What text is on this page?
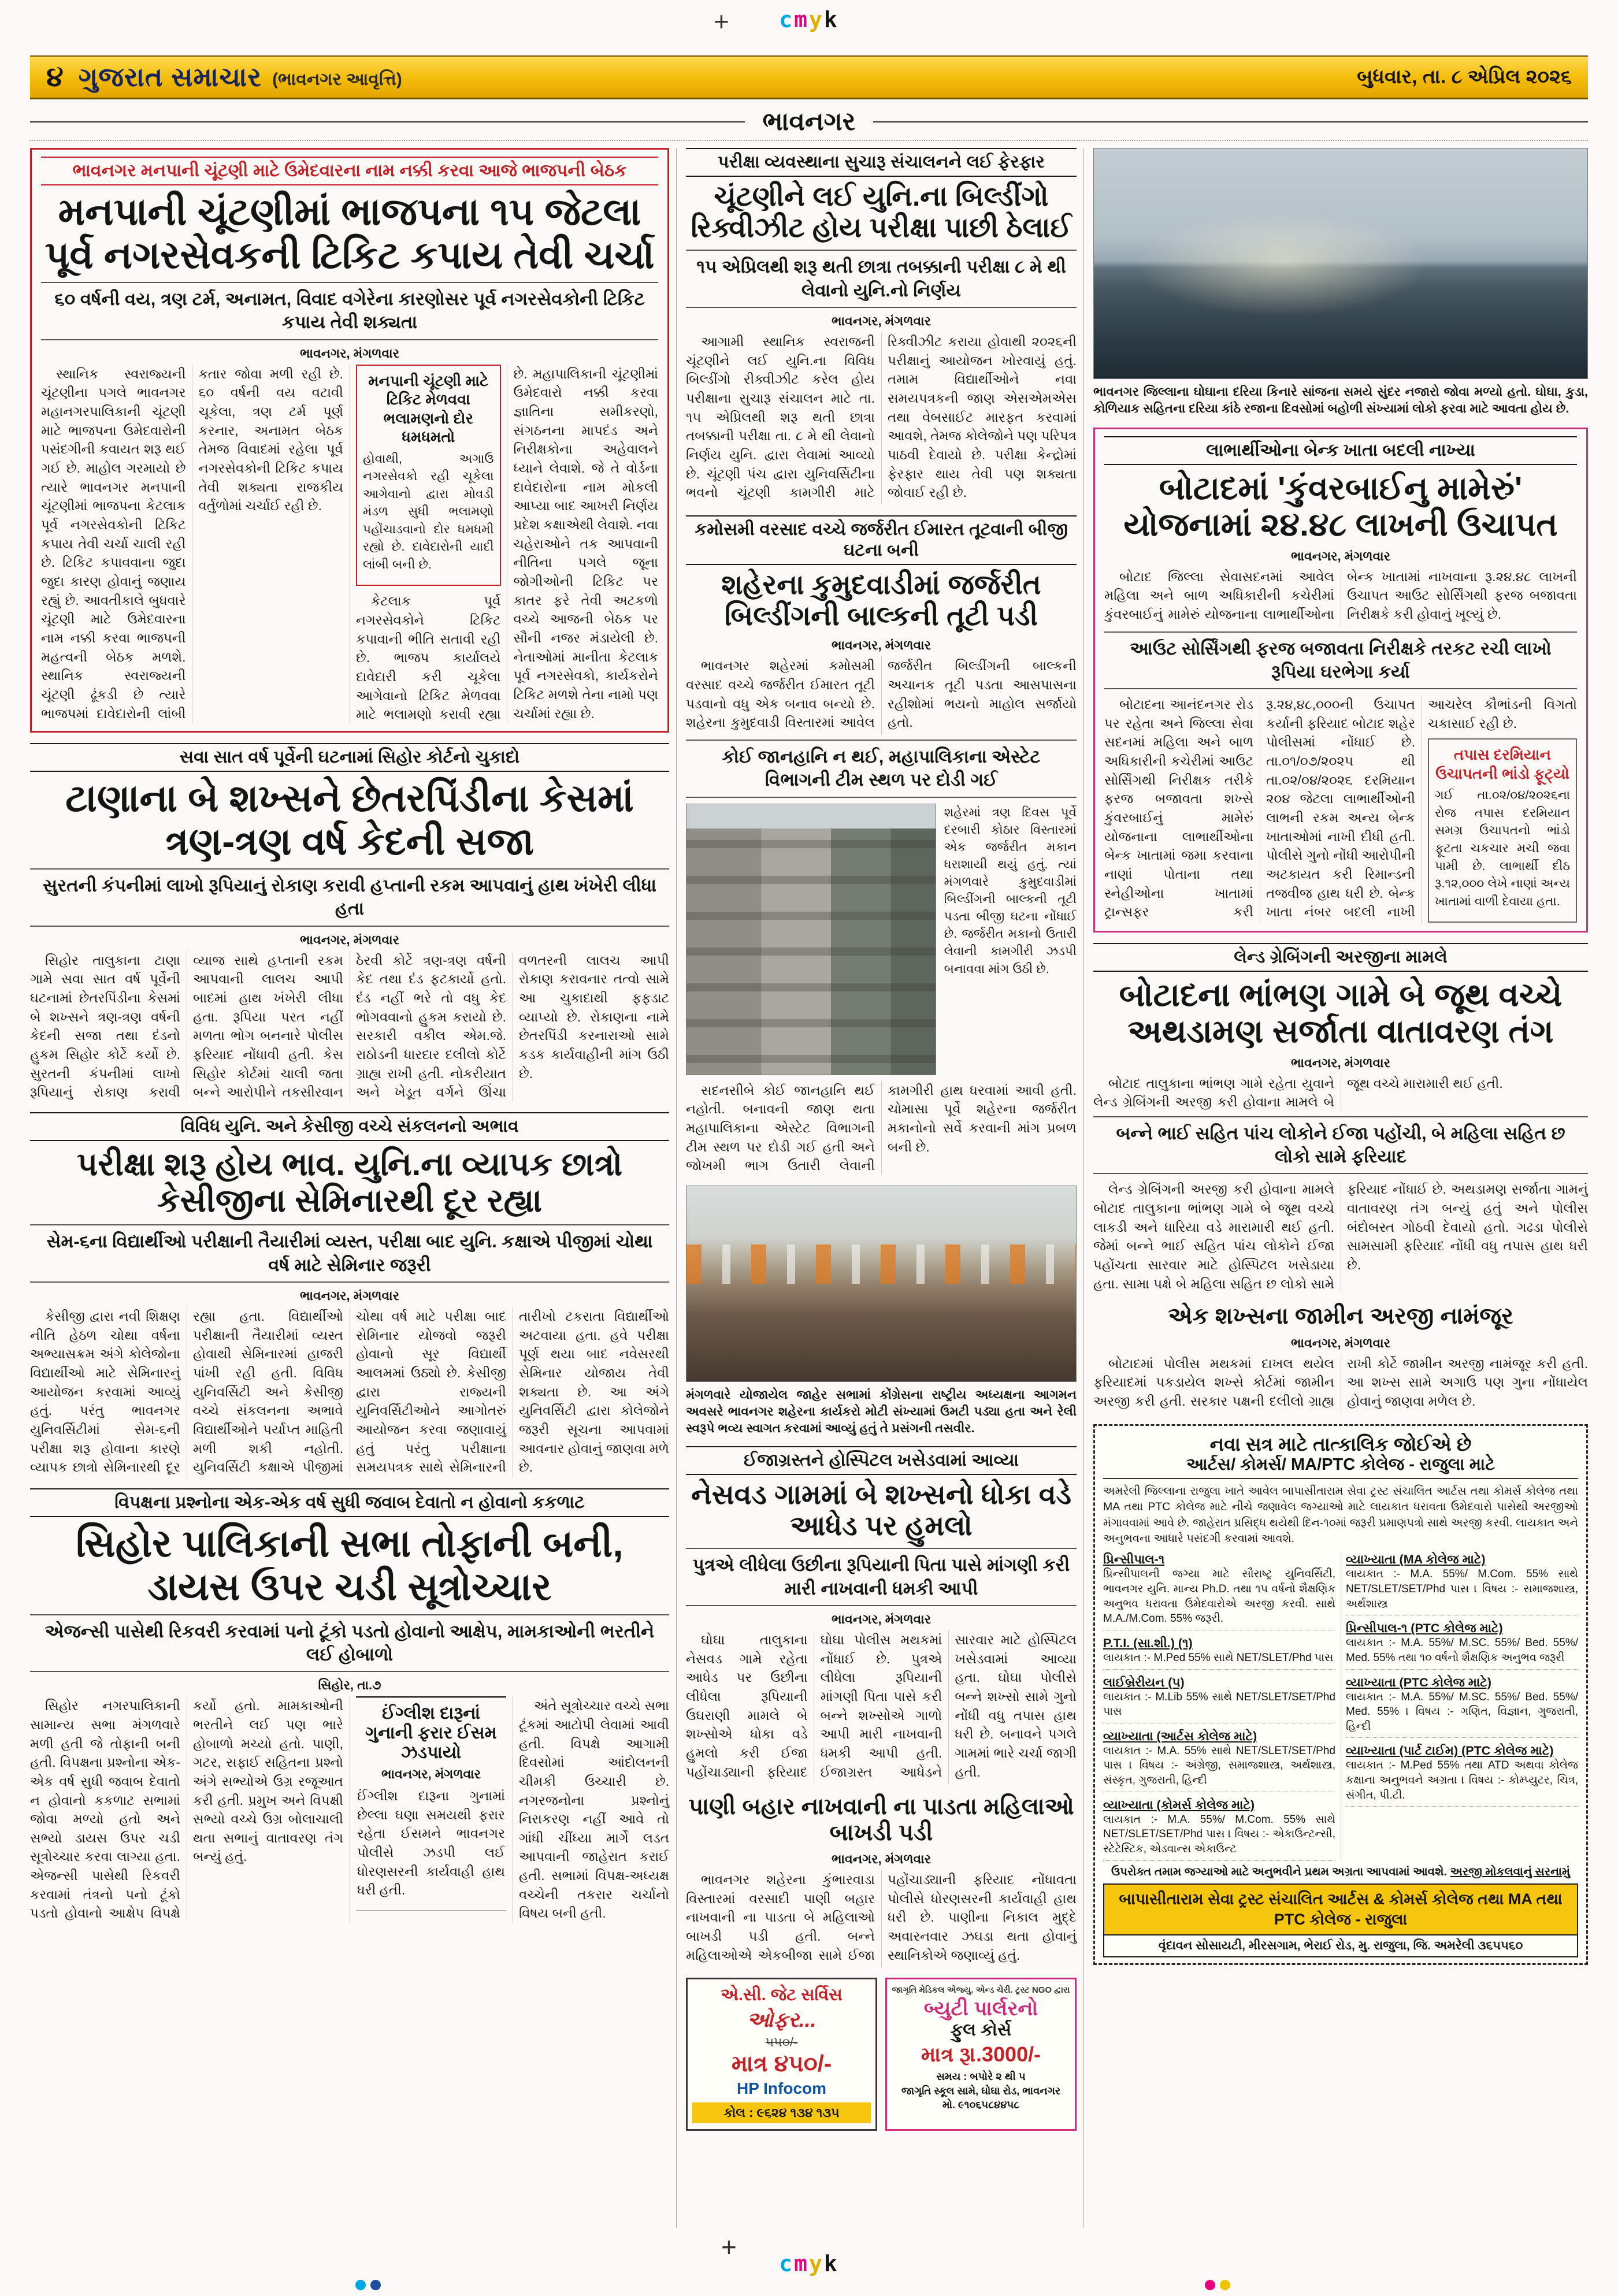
+	cmyk
૪ ગુજરાત સમાચાર (ભાવનગર આવૃત્તિ)	બુધવાર, તા. ૮ એપ્રિલ ૨૦૨૬
ભાવનગર
ભાવનગર મનપાની ચૂંટણી માટે ઉમેદવારના નામ નક્કી કરવા આજે ભાજપની બેઠક
મનપાની ચૂંટણીમાં ભાજપના ૧૫ જેટલા પૂર્વ નગરસેવકની ટિકિટ કપાય તેવી ચર્ચા
૬૦ વર્ષની વય, ત્રણ ટર્મ, અનામત, વિવાદ વગેરેના કારણોસર પૂર્વ નગરસેવકોની ટિકિટ કપાય તેવી શક્યતા
ભાવનગર, મંગળવાર

સ્થાનિક સ્વરાજ્યની ચૂંટણીના પગલે ભાવનગર મહાનગરપાલિકાની ચૂંટણી માટે ભાજપના ઉમેદવારોની પસંદગીની કવાયત શરૂ થઈ ગઈ છે. માહોલ ગરમાયો છે ત્યારે ભાવનગર મનપાની ચૂંટણીમાં ભાજપના કેટલાક પૂર્વ નગરસેવકોની ટિકિટ કપાય તેવી ચર્ચા ચાલી રહી છે. ટિકિટ કપાવવાના જુદા જુદા કારણ હોવાનું જણાય રહ્યું છે. આવતીકાલે બુધવારે ચૂંટણી માટે ઉમેદવારના નામ નક્કી કરવા ભાજપની મહત્વની બેઠક મળશે. સ્થાનિક સ્વરાજ્યની ચૂંટણી ઢૂંકડી છે ત્યારે ભાજપમાં દાવેદારોની લાંબી કતાર જોવા મળી રહી છે. ૬૦ વર્ષની વય વટાવી ચૂકેલા, ત્રણ ટર્મ પૂર્ણ કરનાર, અનામત બેઠક તેમજ વિવાદમાં રહેલા પૂર્વ નગરસેવકોની ટિકિટ કપાય તેવી શક્યતા રાજકીય વર્તુળોમાં ચર્ચાઈ રહી છે.

મનપાની ચૂંટણી માટે ટિકિટ મેળવવા ભલામણનો દોર ધમધમતો

હોવાથી, અગાઉ નગરસેવકો રહી ચૂકેલા આગેવાનો દ્વારા મોવડી મંડળ સુધી ભલામણો પહોંચાડવાનો દોર ધમધમી રહ્યો છે. દાવેદારોની યાદી લાંબી બની છે.

કેટલાક પૂર્વ નગરસેવકોને ટિકિટ કપાવાની ભીતિ સતાવી રહી છે. ભાજપ કાર્યાલયે દાવેદારી કરી ચૂકેલા આગેવાનો ટિકિટ મેળવવા માટે ભલામણો કરાવી રહ્યા છે. મહાપાલિકાની ચૂંટણીમાં ઉમેદવારો નક્કી કરવા જ્ઞાતિના સમીકરણો, સંગઠનના માપદંડ અને નિરીક્ષકોના અહેવાલને ધ્યાને લેવાશે. જે તે વોર્ડના દાવેદારોના નામ મોકલી આપ્યા બાદ આખરી નિર્ણય પ્રદેશ કક્ષાએથી લેવાશે. નવા ચહેરાઓને તક આપવાની નીતિના પગલે જૂના જોગીઓની ટિકિટ પર કાતર ફરે તેવી અટકળો વચ્ચે આજની બેઠક પર સૌની નજર મંડાયેલી છે. નેતાઓમાં માનીતા કેટલાક પૂર્વ નગરસેવકો, કાર્યકરોને ટિકિટ મળશે તેના નામો પણ ચર્ચામાં રહ્યા છે.

સવા સાત વર્ષ પૂર્વેની ઘટનામાં સિહોર કોર્ટનો ચુકાદો
ટાણાના બે શખ્સને છેતરપિંડીના કેસમાં ત્રણ-ત્રણ વર્ષ કેદની સજા
સુરતની કંપનીમાં લાખો રૂપિયાનું રોકાણ કરાવી હપ્તાની રકમ આપવાનું હાથ ખંખેરી લીધા હતા
ભાવનગર, મંગળવાર

સિહોર તાલુકાના ટાણા ગામે સવા સાત વર્ષ પૂર્વેની ઘટનામાં છેતરપિંડીના કેસમાં બે શખ્સને ત્રણ-ત્રણ વર્ષની કેદની સજા તથા દંડનો હુકમ સિહોર કોર્ટે કર્યો છે. સુરતની કંપનીમાં લાખો રૂપિયાનું રોકાણ કરાવી વ્યાજ સાથે હપ્તાની રકમ આપવાની લાલચ આપી બાદમાં હાથ ખંખેરી લીધા હતા. રૂપિયા પરત નહીં મળતા ભોગ બનનારે પોલીસ ફરિયાદ નોંધાવી હતી. કેસ સિહોર કોર્ટમાં ચાલી જતા બન્ને આરોપીને તકસીરવાન ઠેરવી કોર્ટે ત્રણ-ત્રણ વર્ષની કેદ તથા દંડ ફટકાર્યો હતો. દંડ નહીં ભરે તો વધુ કેદ ભોગવવાનો હુકમ કરાયો છે. સરકારી વકીલ એમ.જે. રાઠોડની ધારદાર દલીલો કોર્ટે ગ્રાહ્ય રાખી હતી. નોકરીયાત અને ખેડૂત વર્ગને ઊંચા વળતરની લાલચ આપી રોકાણ કરાવનાર તત્વો સામે આ ચુકાદાથી ફફડાટ વ્યાપ્યો છે. રોકાણના નામે છેતરપિંડી કરનારાઓ સામે કડક કાર્યવાહીની માંગ ઉઠી છે.

વિવિધ યુનિ. અને કેસીજી વચ્ચે સંકલનનો અભાવ
પરીક્ષા શરૂ હોય ભાવ. યુનિ.ના વ્યાપક છાત્રો કેસીજીના સેમિનારથી દૂર રહ્યા
સેમ-૬ના વિદ્યાર્થીઓ પરીક્ષાની તૈયારીમાં વ્યસ્ત, પરીક્ષા બાદ યુનિ. કક્ષાએ પીજીમાં ચોથા વર્ષ માટે સેમિનાર જરૂરી
ભાવનગર, મંગળવાર

કેસીજી દ્વારા નવી શિક્ષણ નીતિ હેઠળ ચોથા વર્ષના અભ્યાસક્રમ અંગે કોલેજોના વિદ્યાર્થીઓ માટે સેમિનારનું આયોજન કરવામાં આવ્યું હતું. પરંતુ ભાવનગર યુનિવર્સિટીમાં સેમ-૬ની પરીક્ષા શરૂ હોવાના કારણે વ્યાપક છાત્રો સેમિનારથી દૂર રહ્યા હતા. વિદ્યાર્થીઓ પરીક્ષાની તૈયારીમાં વ્યસ્ત હોવાથી સેમિનારમાં હાજરી પાંખી રહી હતી. વિવિધ યુનિવર્સિટી અને કેસીજી વચ્ચે સંકલનના અભાવે વિદ્યાર્થીઓને પર્યાપ્ત માહિતી મળી શકી નહોતી. યુનિવર્સિટી કક્ષાએ પીજીમાં ચોથા વર્ષ માટે પરીક્ષા બાદ સેમિનાર યોજવો જરૂરી હોવાનો સૂર વિદ્યાર્થી આલમમાં ઉઠ્યો છે. કેસીજી દ્વારા રાજ્યની યુનિવર્સિટીઓને આગોતરું આયોજન કરવા જણાવાયું હતું પરંતુ પરીક્ષાના સમયપત્રક સાથે સેમિનારની તારીખો ટકરાતા વિદ્યાર્થીઓ અટવાયા હતા. હવે પરીક્ષા પૂર્ણ થયા બાદ નવેસરથી સેમિનાર યોજાય તેવી શક્યતા છે. આ અંગે યુનિવર્સિટી દ્વારા કોલેજોને જરૂરી સૂચના આપવામાં આવનાર હોવાનું જાણવા મળે છે.

વિપક્ષના પ્રશ્નોના એક-એક વર્ષ સુધી જવાબ દેવાતો ન હોવાનો કકળાટ
સિહોર પાલિકાની સભા તોફાની બની, ડાયસ ઉપર ચડી સૂત્રોચ્ચાર
એજન્સી પાસેથી રિકવરી કરવામાં પનો ટૂંકો પડતો હોવાનો આક્ષેપ, મામકાઓની ભરતીને લઈ હોબાળો
સિહોર, તા.૭

સિહોર નગરપાલિકાની સામાન્ય સભા મંગળવારે મળી હતી જે તોફાની બની હતી. વિપક્ષના પ્રશ્નોના એક-એક વર્ષ સુધી જવાબ દેવાતો ન હોવાનો કકળાટ સભામાં જોવા મળ્યો હતો અને સભ્યો ડાયસ ઉપર ચડી સૂત્રોચ્ચાર કરવા લાગ્યા હતા. એજન્સી પાસેથી રિકવરી કરવામાં તંત્રનો પનો ટૂંકો પડતો હોવાનો આક્ષેપ વિપક્ષે કર્યો હતો. મામકાઓની ભરતીને લઈ પણ ભારે હોબાળો મચ્યો હતો. પાણી, ગટર, સફાઈ સહિતના પ્રશ્નો અંગે સભ્યોએ ઉગ્ર રજૂઆત કરી હતી. પ્રમુખ અને વિપક્ષી સભ્યો વચ્ચે ઉગ્ર બોલાચાલી થતા સભાનું વાતાવરણ તંગ બન્યું હતું.

ઈંગ્લીશ દારૂનાં ગુનાની ફરાર ઈસમ ઝડપાયો
ભાવનગર, મંગળવાર

ઈંગ્લીશ દારૂના ગુનામાં છેલ્લા ઘણા સમયથી ફરાર રહેતા ઈસમને ભાવનગર પોલીસે ઝડપી લઈ ધોરણસરની કાર્યવાહી હાથ ધરી હતી.

અંતે સૂત્રોચ્ચાર વચ્ચે સભા ટૂંકમાં આટોપી લેવામાં આવી હતી. વિપક્ષે આગામી દિવસોમાં આંદોલનની ચીમકી ઉચ્ચારી છે. નગરજનોના પ્રશ્નોનું નિરાકરણ નહીં આવે તો ગાંધી ચીંધ્યા માર્ગે લડત આપવાની જાહેરાત કરાઈ હતી. સભામાં વિપક્ષ-અધ્યક્ષ વચ્ચેની તકરાર ચર્ચાનો વિષય બની હતી.

પરીક્ષા વ્યવસ્થાના સુચારૂ સંચાલનને લઈ ફેરફાર
ચૂંટણીને લઈ યુનિ.ના બિલ્ડીંગો રિક્વીઝીટ હોય પરીક્ષા પાછી ઠેલાઈ
૧૫ એપ્રિલથી શરૂ થતી છાત્રા તબક્કાની પરીક્ષા ૮ મે થી લેવાનો યુનિ.નો નિર્ણય
ભાવનગર, મંગળવાર

આગામી સ્થાનિક સ્વરાજની ચૂંટણીને લઈ યુનિ.ના વિવિધ બિલ્ડીંગો રીક્વીઝીટ કરેલ હોય પરીક્ષાના સુચારૂ સંચાલન માટે તા. ૧૫ એપ્રિલથી શરૂ થતી છાત્રા તબક્કાની પરીક્ષા તા. ૮ મે થી લેવાનો નિર્ણય યુનિ. દ્વારા લેવામાં આવ્યો છે. ચૂંટણી પંચ દ્વારા યુનિવર્સિટીના ભવનો ચૂંટણી કામગીરી માટે રિક્વીઝીટ કરાયા હોવાથી ૨૦૨૬ની પરીક્ષાનું આયોજન ખોરવાયું હતું. તમામ વિદ્યાર્થીઓને નવા સમયપત્રકની જાણ એસએમએસ તથા વેબસાઈટ મારફત કરવામાં આવશે, તેમજ કોલેજોને પણ પરિપત્ર પાઠવી દેવાયો છે. પરીક્ષા કેન્દ્રોમાં ફેરફાર થાય તેવી પણ શક્યતા જોવાઈ રહી છે.

કમોસમી વરસાદ વચ્ચે જર્જરીત ઈમારત તૂટવાની બીજી ઘટના બની
શહેરના કુમુદવાડીમાં જર્જરીત બિલ્ડીંગની બાલ્કની તૂટી પડી
ભાવનગર, મંગળવાર

ભાવનગર શહેરમાં કમોસમી વરસાદ વચ્ચે જર્જરીત ઈમારત તૂટી પડવાનો વધુ એક બનાવ બન્યો છે. શહેરના કુમુદવાડી વિસ્તારમાં આવેલ જર્જરીત બિલ્ડીંગની બાલ્કની અચાનક તૂટી પડતા આસપાસના રહીશોમાં ભયનો માહોલ સર્જાયો હતો.

કોઈ જાનહાનિ ન થઈ, મહાપાલિકાના એસ્ટેટ વિભાગની ટીમ સ્થળ પર દોડી ગઈ

શહેરમાં ત્રણ દિવસ પૂર્વે દરબારી કોઠાર વિસ્તારમાં એક જર્જરીત મકાન ધરાશાયી થયું હતું. ત્યાં મંગળવારે કુમુદવાડીમાં બિલ્ડીંગની બાલ્કની તૂટી પડતા બીજી ઘટના નોંધાઈ છે. જર્જરીત મકાનો ઉતારી લેવાની કામગીરી ઝડપી બનાવવા માંગ ઉઠી છે.

સદનસીબે કોઈ જાનહાનિ થઈ નહોતી. બનાવની જાણ થતા મહાપાલિકાના એસ્ટેટ વિભાગની ટીમ સ્થળ પર દોડી ગઈ હતી અને જોખમી ભાગ ઉતારી લેવાની કામગીરી હાથ ધરવામાં આવી હતી. ચોમાસા પૂર્વે શહેરના જર્જરીત મકાનોનો સર્વે કરવાની માંગ પ્રબળ બની છે.

મંગળવારે યોજાયેલ જાહેર સભામાં કોંગ્રેસના રાષ્ટ્રીય અધ્યક્ષના આગમન અવસરે ભાવનગર શહેરના કાર્યકરો મોટી સંખ્યામાં ઉમટી પડ્યા હતા અને રેલી સ્વરૂપે ભવ્ય સ્વાગત કરવામાં આવ્યું હતું તે પ્રસંગની તસવીર.
ઈજાગ્રસ્તને હોસ્પિટલ ખસેડવામાં આવ્યા
નેસવડ ગામમાં બે શખ્સનો ધોકા વડે આધેડ પર હુમલો
પુત્રએ લીધેલા ઉછીના રૂપિયાની પિતા પાસે માંગણી કરી મારી નાખવાની ધમકી આપી
ભાવનગર, મંગળવાર

ઘોઘા તાલુકાના નેસવડ ગામે રહેતા આધેડ પર ઉછીના લીધેલા રૂપિયાની ઉઘરાણી મામલે બે શખ્સોએ ધોકા વડે હુમલો કરી ઈજા પહોંચાડ્યાની ફરિયાદ ઘોઘા પોલીસ મથકમાં નોંધાઈ છે. પુત્રએ લીધેલા રૂપિયાની માંગણી પિતા પાસે કરી બન્ને શખ્સોએ ગાળો આપી મારી નાખવાની ધમકી આપી હતી. ઈજાગ્રસ્ત આધેડને સારવાર માટે હોસ્પિટલ ખસેડવામાં આવ્યા હતા. ઘોઘા પોલીસે બન્ને શખ્સો સામે ગુનો નોંધી વધુ તપાસ હાથ ધરી છે. બનાવને પગલે ગામમાં ભારે ચર્ચા જાગી હતી.

પાણી બહાર નાખવાની ના પાડતા મહિલાઓ બાખડી પડી
ભાવનગર, મંગળવાર

ભાવનગર શહેરના કુંભારવાડા વિસ્તારમાં વરસાદી પાણી બહાર નાખવાની ના પાડતા બે મહિલાઓ બાખડી પડી હતી. બન્ને મહિલાઓએ એકબીજા સામે ઈજા પહોંચાડ્યાની ફરિયાદ નોંધાવતા પોલીસે ધોરણસરની કાર્યવાહી હાથ ધરી છે. પાણીના નિકાલ મુદ્દે અવારનવાર ઝઘડા થતા હોવાનું સ્થાનિકોએ જણાવ્યું હતું.

એ.સી. જેટ સર્વિસ
ઓફર...
૫૫૦/-
માત્ર ૪૫૦/-
HP Infocom
કોલ : ૯૬૨૪ ૧૩૪ ૧૩૫
જાગૃતિ મેડિકલ એજ્યુ. એન્ડ ચેરી. ટ્રસ્ટ NGO દ્વારા
બ્યુટી પાર્લરનો
ફુલ કોર્સ
માત્ર રૂ।.3000/-
સમય : બપોરે ૨ થી ૫
જાગૃતિ સ્કૂલ સામે, ઘોઘા રોડ, ભાવનગર
મો. ૯૧૦૬૫૮૪૪૫૮
ભાવનગર જિલ્લાના ઘોઘાના દરિયા કિનારે સાંજના સમયે સુંદર નજારો જોવા મળ્યો હતો. ઘોઘા, કુડા, કોળિયાક સહિતના દરિયા કાંઠે રજાના દિવસોમાં બહોળી સંખ્યામાં લોકો ફરવા માટે આવતા હોય છે.
લાભાર્થીઓના બેન્ક ખાતા બદલી નાખ્યા
બોટાદમાં 'કુંવરબાઈનુ મામેરું' યોજનામાં ૨૪.૪૮ લાખની ઉચાપત
ભાવનગર, મંગળવાર

બોટાદ જિલ્લા સેવાસદનમાં આવેલ મહિલા અને બાળ અધિકારીની કચેરીમાં કુંવરબાઈનું મામેરું યોજનાના લાભાર્થીઓના બેન્ક ખાતામાં નાખવાના રૂ.૨૪.૪૮ લાખની ઉચાપત આઉટ સોર્સિંગથી ફરજ બજાવતા નિરીક્ષકે કરી હોવાનું ખૂલ્યું છે.

આઉટ સોર્સિંગથી ફરજ બજાવતા ન‌િરીક્ષકે તરકટ રચી લાખો રૂપિયા ઘરભેગા કર્યા

બોટાદના આનંદનગર રોડ પર રહેતા અને જિલ્લા સેવા સદનમાં મહિલા અને બાળ અધિકારીની કચેરીમાં આઉટ સોર્સિંગથી નિરીક્ષક તરીકે ફરજ બજાવતા શખ્સે કુંવરબાઈનું મામેરું યોજનાના લાભાર્થીઓના બેન્ક ખાતામાં જમા કરવાના નાણાં પોતાના તથા સ્નેહીઓના ખાતામાં ટ્રાન્સફર કરી રૂ.૨૪,૪૮,૦૦૦ની ઉચાપત કર્યાની ફરિયાદ બોટાદ શહેર પોલીસમાં નોંધાઈ છે. તા.૦૧/૦૭/૨૦૨૫ થી તા.૦૨/૦૪/૨૦૨૬ દરમિયાન ૨૦૪ જેટલા લાભાર્થીઓની લાભની રકમ અન્ય બેન્ક ખાતાઓમાં નાખી દીધી હતી. પોલીસે ગુનો નોંધી આરોપીની અટકાયત કરી રિમાન્ડની તજવીજ હાથ ધરી છે. બેન્ક ખાતા નંબર બદલી નાખી આચરેલ કૌભાંડની વિગતો ચકાસાઈ રહી છે.

તપાસ દરમિયાન ઉચાપતની ભાંડો ફૂટ્યો

ગઈ તા.૦૨/૦૪/૨૦૨૬ના રોજ તપાસ દરમિયાન સમગ્ર ઉચાપતનો ભાંડો ફૂટતા ચકચાર મચી જવા પામી છે. લાભાર્થી દીઠ રૂ.૧૨,૦૦૦ લેખે નાણાં અન્ય ખાતામાં વાળી દેવાયા હતા.

લેન્ડ ગ્રેબિંગની અરજીના મામલે
બોટાદના ભાંભણ ગામે બે જૂથ વચ્ચે અથડામણ સર્જાતા વાતાવરણ તંગ
ભાવનગર, મંગળવાર

બોટાદ તાલુકાના ભાંભણ ગામે રહેતા યુવાને લેન્ડ ગ્રેબિંગની અરજી કરી હોવાના મામલે બે જૂથ વચ્ચે મારામારી થઈ હતી.

બન્ને ભાઈ સહિત પાંચ લોકોને ઈજા પહોંચી, બે મહિલા સહિત છ લોકો સામે ફરિયાદ

લેન્ડ ગ્રેબિંગની અરજી કરી હોવાના મામલે બોટાદ તાલુકાના ભાંભણ ગામે બે જૂથ વચ્ચે લાકડી અને ધારિયા વડે મારામારી થઈ હતી. જેમાં બન્ને ભાઈ સહિત પાંચ લોકોને ઈજા પહોંચતા સારવાર માટે હોસ્પિટલ ખસેડાયા હતા. સામા પક્ષે બે મહિલા સહિત છ લોકો સામે ફરિયાદ નોંધાઈ છે. અથડામણ સર્જાતા ગામનું વાતાવરણ તંગ બન્યું હતું અને પોલીસ બંદોબસ્ત ગોઠવી દેવાયો હતો. ગઢડા પોલીસે સામસામી ફરિયાદ નોંધી વધુ તપાસ હાથ ધરી છે.

એક શખ્સના જામીન અરજી નામંજૂર
ભાવનગર, મંગળવાર

બોટાદમાં પોલીસ મથકમાં દાખલ થયેલ ફરિયાદમાં પકડાયેલ શખ્સે કોર્ટમાં જામીન અરજી કરી હતી. સરકાર પક્ષની દલીલો ગ્રાહ્ય રાખી કોર્ટે જામીન અરજી નામંજૂર કરી હતી. આ શખ્સ સામે અગાઉ પણ ગુના નોંધાયેલ હોવાનું જાણવા મળેલ છે.

નવા સત્ર માટે તાત્કાલિક જોઈએ છે
આર્ટસ/ કોમર્સ/ MA/PTC કોલેજ - રાજુલા માટે

અમરેલી જિલ્લાના રાજુલા ખાતે આવેલ બાપાસીતારામ સેવા ટ્રસ્ટ સંચાલિત આર્ટસ તથા કોમર્સ કોલેજ તથા MA તથા PTC કોલેજ માટે નીચે જણાવેલ જગ્યાઓ માટે લાયકાત ધરાવતા ઉમેદવારો પાસેથી અરજીઓ મંગાવવામાં આવે છે. જાહેરાત પ્રસિદ્ધ થયેથી દિન-૧૦માં જરૂરી પ્રમાણપત્રો સાથે અરજી કરવી. લાયકાત અને અનુભવના આધારે પસંદગી કરવામાં આવશે.

પ્રિન્સીપાલ-૧
પ્રિન્સીપાલની જગ્યા માટે સૌરાષ્ટ્ર યુનિવર્સિટી, ભાવનગર યુનિ. માન્ય Ph.D. તથા ૧૫ વર્ષનો શૈક્ષણિક અનુભવ ધરાવતા ઉમેદવારોએ અરજી કરવી. સાથે M.A./M.Com. 55% જરૂરી.
P.T.I. (સા.શી.) (૧)
લાયકાત :- M.Ped 55% સાથે NET/SLET/Phd પાસ
લાઈબ્રેરીયન (૫)
લાયકાત :- M.Lib 55% સાથે NET/SLET/SET/Phd પાસ
વ્યાખ્યાતા (આર્ટસ કોલેજ માટે)
લાયકાત :- M.A. 55% સાથે NET/SLET/SET/Phd પાસ । વિષય :- અંગ્રેજી, સમાજશાસ્ત્ર, અર્થશાસ્ત્ર, સંસ્કૃત, ગુજરાતી, હિન્દી
વ્યાખ્યાતા (કોમર્સ કોલેજ માટે)
લાયકાત :- M.A. 55%/ M.Com. 55% સાથે NET/SLET/SET/Phd પાસ । વિષય :- એકાઉન્ટન્સી, સ્ટેટેસ્ટિક, એડવાન્સ એકાઉન્ટ
વ્યાખ્યાતા (MA કોલેજ માટે)
લાયકાત :- M.A. 55%/ M.Com. 55% સાથે NET/SLET/SET/Phd પાસ । વિષય :- સમાજશાસ્ત્ર, અર્થશાસ્ત્ર
પ્રિન્સીપાલ-૧ (PTC કોલેજ માટે)
લાયકાત :- M.A. 55%/ M.SC. 55%/ Bed. 55%/ Med. 55% તથા ૧૦ વર્ષનો શૈક્ષણિક અનુભવ જરૂરી
વ્યાખ્યાતા (PTC કોલેજ માટે)
લાયકાત :- M.A. 55%/ M.SC. 55%/ Bed. 55%/ Med. 55% । વિષય :- ગણિત, વિજ્ઞાન, ગુજરાતી, હિન્દી
વ્યાખ્યાતા (પાર્ટ ટાઈમ) (PTC કોલેજ માટે)
લાયકાત :- M.Ped 55% તથા ATD અથવા કોલેજ કક્ષાના અનુભવને અગ્રતા । વિષય :- કોમ્પ્યુટર, ચિત્ર, સંગીત, પી.ટી.
ઉપરોક્ત તમામ જગ્યાઓ માટે અનુભવીને પ્રથમ અગ્રતા આપવામાં આવશે. અરજી મોકલવાનું સરનામું
બાપાસીતારામ સેવા ટ્રસ્ટ સંચાલિત આર્ટસ & કોમર્સ કોલેજ તથા MA તથા PTC કોલેજ - રાજુલા
વૃંદાવન સોસાયટી, મીરસગામ, ભેરાઈ રોડ, મુ. રાજુલા, જિ. અમરેલી ૩૬૫૫૬૦
+
cmyk
